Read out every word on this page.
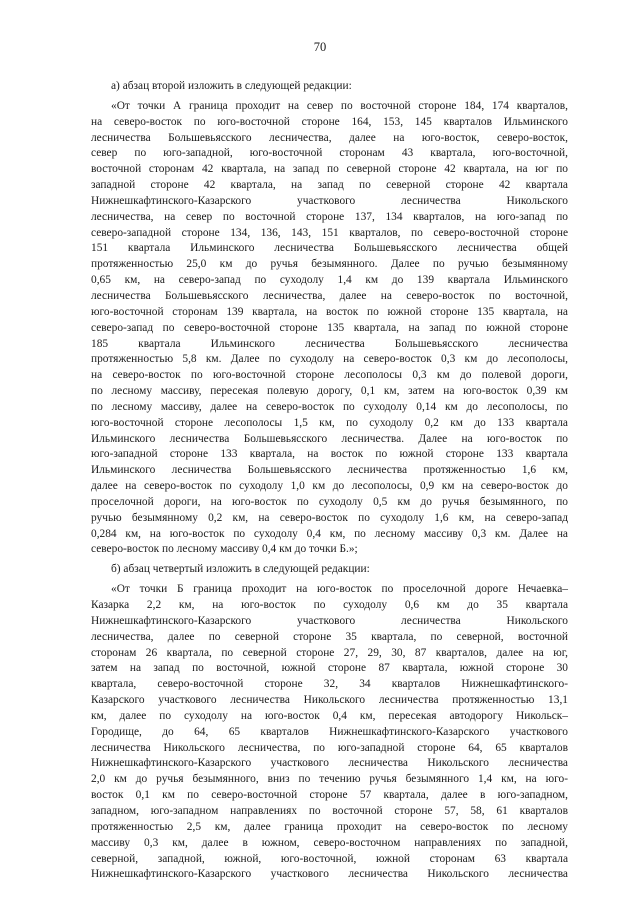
70
а) абзац второй изложить в следующей редакции:
«От точки А граница проходит на север по восточной стороне 184, 174 кварталов,
на северо-восток по юго-восточной стороне 164, 153, 145 кварталов Ильминского
лесничества Большевьясского лесничества, далее на юго-восток, северо-восток,
север по юго-западной, юго-восточной сторонам 43 квартала, юго-восточной,
восточной сторонам 42 квартала, на запад по северной стороне 42 квартала, на юг по
западной стороне 42 квартала, на запад по северной стороне 42 квартала
Нижнешкафтинского-Казарского участкового лесничества Никольского
лесничества, на север по восточной стороне 137, 134 кварталов, на юго-запад по
северо-западной стороне 134, 136, 143, 151 кварталов, по северо-восточной стороне
151 квартала Ильминского лесничества Большевьясского лесничества общей
протяженностью 25,0 км до ручья безымянного. Далее по ручью безымянному
0,65 км, на северо-запад по суходолу 1,4 км до 139 квартала Ильминского
лесничества Большевьясского лесничества, далее на северо-восток по восточной,
юго-восточной сторонам 139 квартала, на восток по южной стороне 135 квартала, на
северо-запад по северо-восточной стороне 135 квартала, на запад по южной стороне
185 квартала Ильминского лесничества Большевьясского лесничества
протяженностью 5,8 км. Далее по суходолу на северо-восток 0,3 км до лесополосы,
на северо-восток по юго-восточной стороне лесополосы 0,3 км до полевой дороги,
по лесному массиву, пересекая полевую дорогу, 0,1 км, затем на юго-восток 0,39 км
по лесному массиву, далее на северо-восток по суходолу 0,14 км до лесополосы, по
юго-восточной стороне лесополосы 1,5 км, по суходолу 0,2 км до 133 квартала
Ильминского лесничества Большевьясского лесничества. Далее на юго-восток по
юго-западной стороне 133 квартала, на восток по южной стороне 133 квартала
Ильминского лесничества Большевьясского лесничества протяженностью 1,6 км,
далее на северо-восток по суходолу 1,0 км до лесополосы, 0,9 км на северо-восток до
проселочной дороги, на юго-восток по суходолу 0,5 км до ручья безымянного, по
ручью безымянному 0,2 км, на северо-восток по суходолу 1,6 км, на северо-запад
0,284 км, на юго-восток по суходолу 0,4 км, по лесному массиву 0,3 км. Далее на
северо-восток по лесному массиву 0,4 км до точки Б.»;
б) абзац четвертый изложить в следующей редакции:
«От точки Б граница проходит на юго-восток по проселочной дороге Нечаевка–
Казарка 2,2 км, на юго-восток по суходолу 0,6 км до 35 квартала
Нижнешкафтинского-Казарского участкового лесничества Никольского
лесничества, далее по северной стороне 35 квартала, по северной, восточной
сторонам 26 квартала, по северной стороне 27, 29, 30, 87 кварталов, далее на юг,
затем на запад по восточной, южной стороне 87 квартала, южной стороне 30
квартала, северо-восточной стороне 32, 34 кварталов Нижнешкафтинского-
Казарского участкового лесничества Никольского лесничества протяженностью 13,1
км, далее по суходолу на юго-восток 0,4 км, пересекая автодорогу Никольск–
Городище, до 64, 65 кварталов Нижнешкафтинского-Казарского участкового
лесничества Никольского лесничества, по юго-западной стороне 64, 65 кварталов
Нижнешкафтинского-Казарского участкового лесничества Никольского лесничества
2,0 км до ручья безымянного, вниз по течению ручья безымянного 1,4 км, на юго-
восток 0,1 км по северо-восточной стороне 57 квартала, далее в юго-западном,
западном, юго-западном направлениях по восточной стороне 57, 58, 61 кварталов
протяженностью 2,5 км, далее граница проходит на северо-восток по лесному
массиву 0,3 км, далее в южном, северо-восточном направлениях по западной,
северной, западной, южной, юго-восточной, южной сторонам 63 квартала
Нижнешкафтинского-Казарского участкового лесничества Никольского лесничества
